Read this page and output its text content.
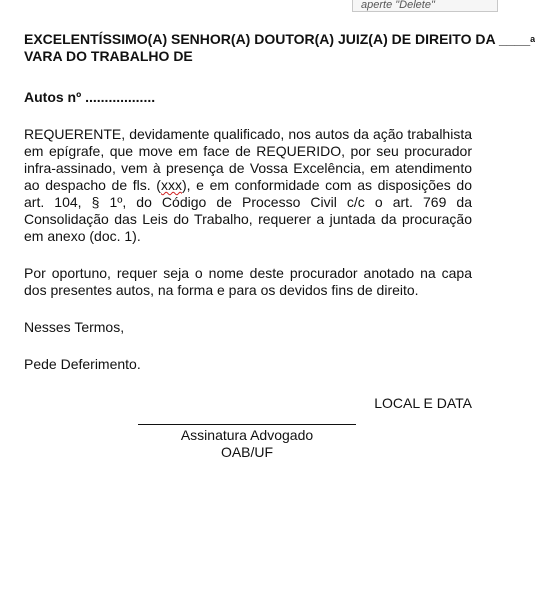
aperte "Delete"
EXCELENTÍSSIMO(A) SENHOR(A) DOUTOR(A) JUIZ(A) DE DIREITO DA ____ a
VARA DO TRABALHO DE
Autos nº ..................

REQUERENTE, devidamente qualificado, nos autos da ação trabalhista em epígrafe, que move em face de REQUERIDO, por seu procurador infra-assinado, vem à presença de Vossa Excelência, em atendimento ao despacho de fls. (xxx), e em conformidade com as disposições do art. 104, § 1º, do Código de Processo Civil c/c o art. 769 da Consolidação das Leis do Trabalho, requerer a juntada da procuração em anexo (doc. 1).

Por oportuno, requer seja o nome deste procurador anotado na capa dos presentes autos, na forma e para os devidos fins de direito.

Nesses Termos,
Pede Deferimento.
LOCAL E DATA
Assinatura Advogado
OAB/UF
